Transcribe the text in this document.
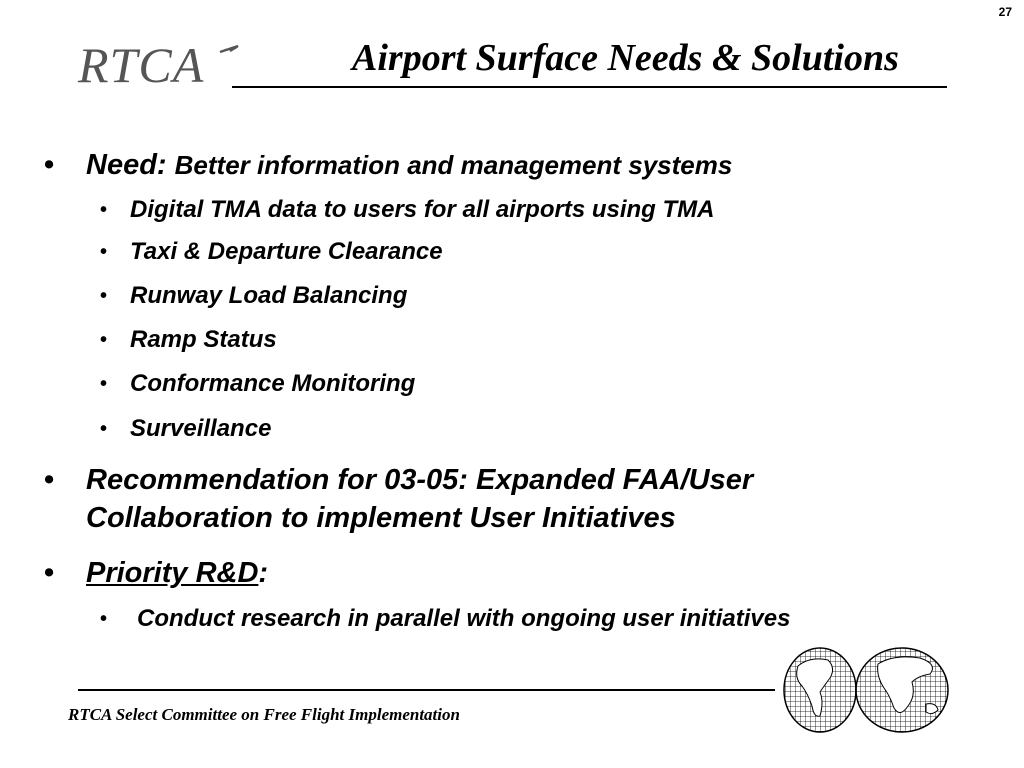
27
RTCA	Airport Surface Needs & Solutions
• Need: Better information and management systems
• Digital TMA data to users for all airports using TMA
• Taxi & Departure Clearance
• Runway Load Balancing
• Ramp Status
• Conformance Monitoring
• Surveillance
• Recommendation for 03-05: Expanded FAA/User
Collaboration to implement User Initiatives
• Priority R&D:
• Conduct research in parallel with ongoing user initiatives
RTCA Select Committee on Free Flight Implementation
